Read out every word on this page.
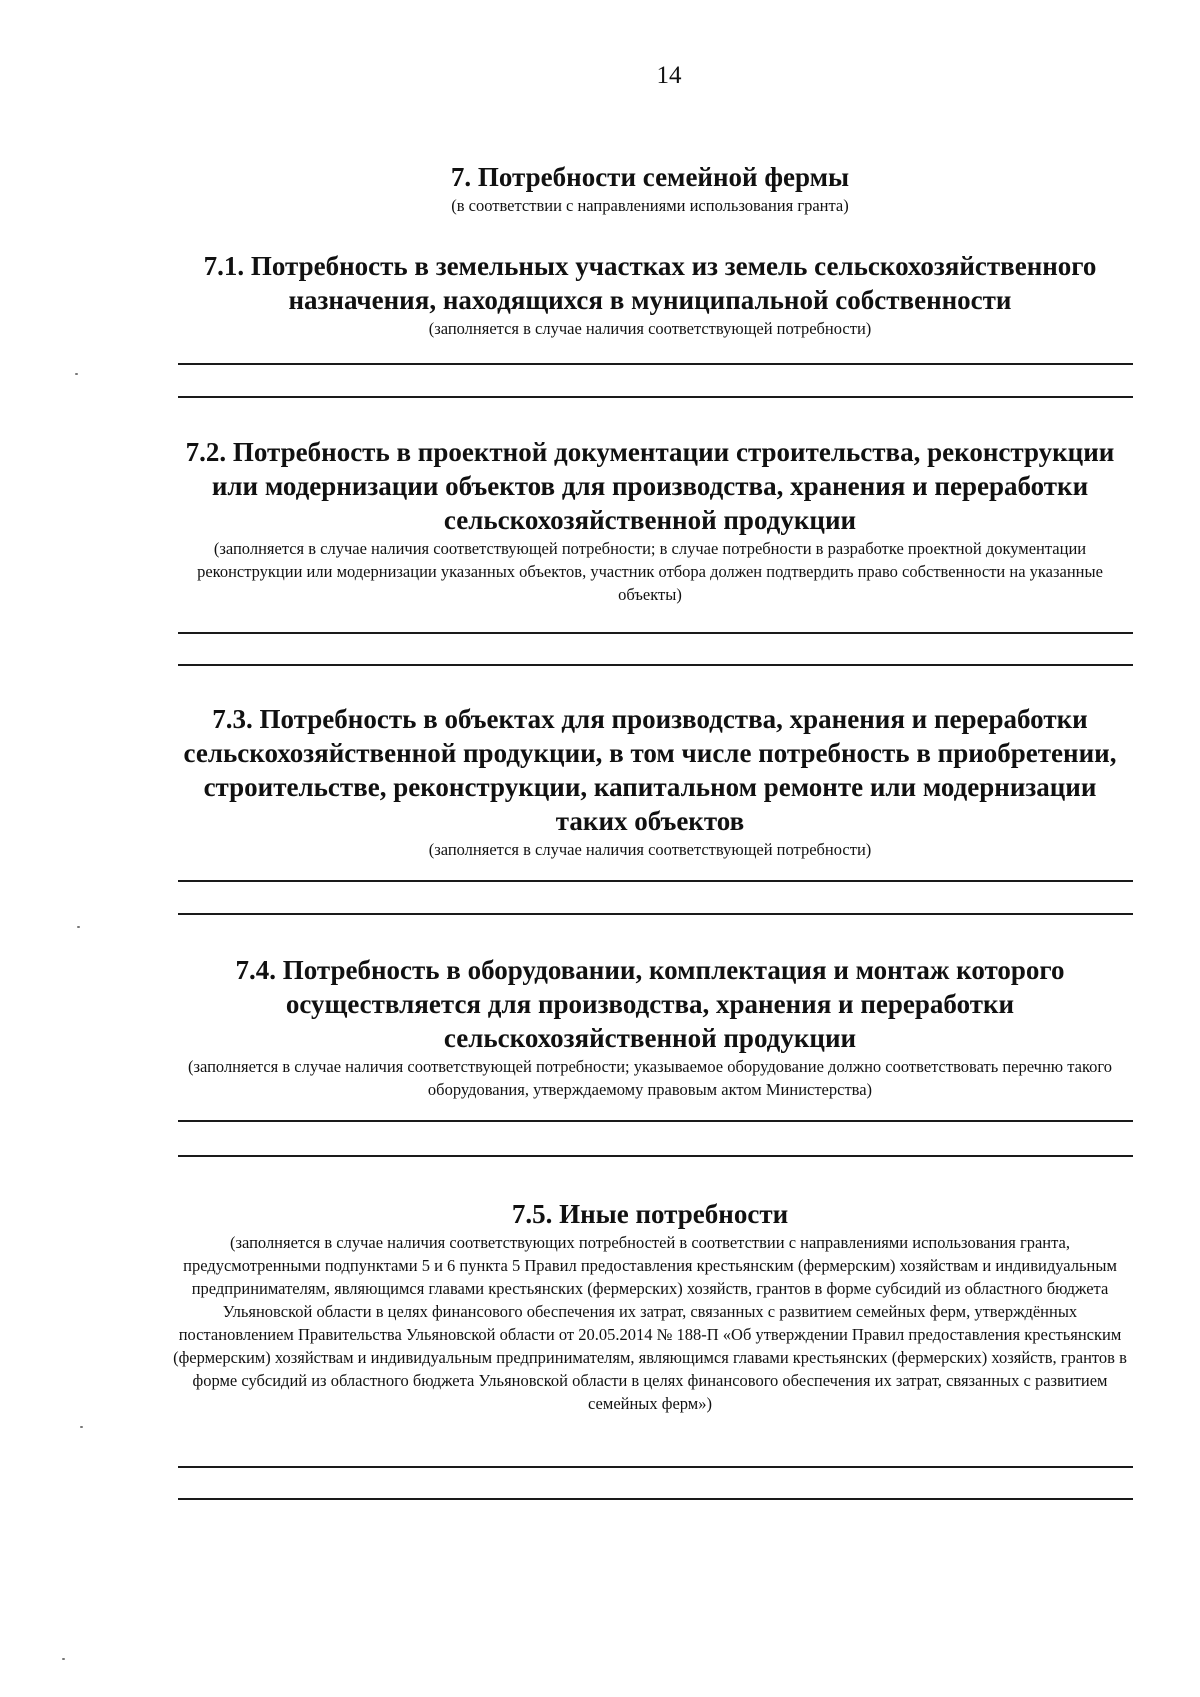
14

7. Потребности семейной фермы

(в соответствии с направлениями использования гранта)

7.1. Потребность в земельных участках из земель сельскохозяйственного назначения, находящихся в муниципальной собственности

(заполняется в случае наличия соответствующей потребности)

7.2. Потребность в проектной документации строительства, реконструкции или модернизации объектов для производства, хранения и переработки сельскохозяйственной продукции

(заполняется в случае наличия соответствующей потребности; в случае потребности в разработке проектной документации реконструкции или модернизации указанных объектов, участник отбора должен подтвердить право собственности на указанные объекты)

7.3. Потребность в объектах для производства, хранения и переработки сельскохозяйственной продукции, в том числе потребность в приобретении, строительстве, реконструкции, капитальном ремонте или модернизации таких объектов

(заполняется в случае наличия соответствующей потребности)

7.4. Потребность в оборудовании, комплектация и монтаж которого осуществляется для производства, хранения и переработки сельскохозяйственной продукции

(заполняется в случае наличия соответствующей потребности; указываемое оборудование должно соответствовать перечню такого оборудования, утверждаемому правовым актом Министерства)

7.5. Иные потребности

(заполняется в случае наличия соответствующих потребностей в соответствии с направлениями использования гранта, предусмотренными подпунктами 5 и 6 пункта 5 Правил предоставления крестьянским (фермерским) хозяйствам и индивидуальным предпринимателям, являющимся главами крестьянских (фермерских) хозяйств, грантов в форме субсидий из областного бюджета Ульяновской области в целях финансового обеспечения их затрат, связанных с развитием семейных ферм, утверждённых постановлением Правительства Ульяновской области от 20.05.2014 № 188-П «Об утверждении Правил предоставления крестьянским (фермерским) хозяйствам и индивидуальным предпринимателям, являющимся главами крестьянских (фермерских) хозяйств, грантов в форме субсидий из областного бюджета Ульяновской области в целях финансового обеспечения их затрат, связанных с развитием семейных ферм»)
